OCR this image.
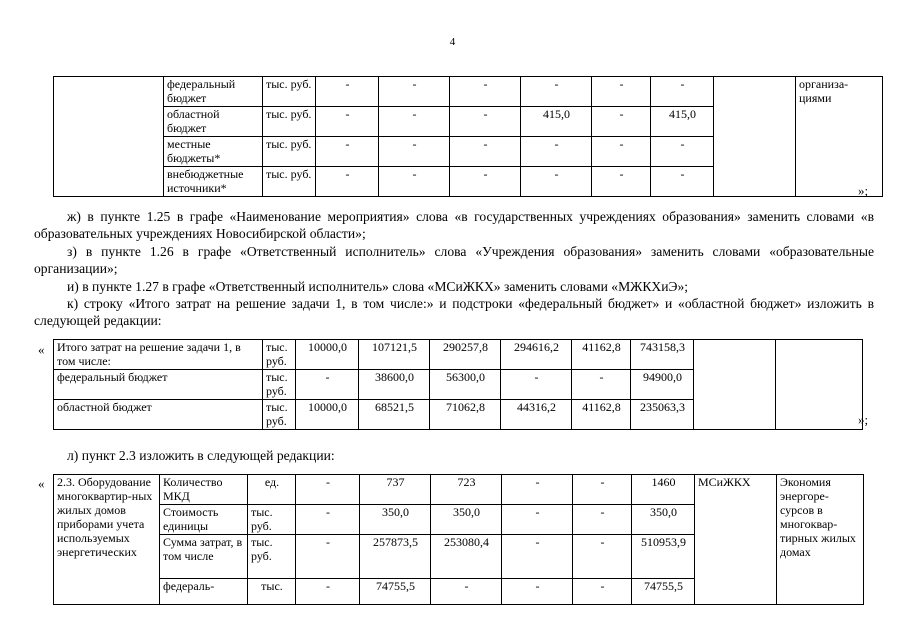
4
	федеральный бюджет	тыс. руб.	-	-	-	-	-	-		организа-циями
	областной бюджет	тыс. руб.	-	-	-	415,0	-	415,0		
	местные бюджеты*	тыс. руб.	-	-	-	-	-	-		
	внебюджетные источники*	тыс. руб.	-	-	-	-	-	-		
»;
ж) в пункте 1.25 в графе «Наименование мероприятия» слова «в государственных учреждениях образования» заменить словами «в образовательных учреждениях Новосибирской области»;
з) в пункте 1.26 в графе «Ответственный исполнитель» слова «Учреждения образования» заменить словами «образовательные организации»;
и) в пункте 1.27 в графе «Ответственный исполнитель» слова «МСиЖКХ» заменить словами «МЖКХиЭ»;
к) строку «Итого затрат на решение задачи 1, в том числе:» и подстроки «федеральный бюджет» и «областной бюджет» изложить в следующей редакции:
« Итого затрат на решение задачи 1, в том числе:	тыс. руб.	10000,0	107121,5	290257,8	294616,2	41162,8	743158,3		
федеральный бюджет	тыс. руб.	-	38600,0	56300,0	-	-	94900,0		
областной бюджет	тыс. руб.	10000,0	68521,5	71062,8	44316,2	41162,8	235063,3		
»;
л) пункт 2.3 изложить в следующей редакции:
« 2.3. Оборудование многоквартир-ных жилых домов приборами учета используемых энергетических	Количество МКД	ед.	-	737	723	-	-	1460	МСиЖКХ	Экономия энергоре-сурсов в многоквар-тирных жилых домах
	Стоимость единицы	тыс. руб.	-	350,0	350,0	-	-	350,0		
	Сумма затрат, в том числе	тыс. руб.	-	257873,5	253080,4	-	-	510953,9		
	федераль-	тыс.	-	74755,5	-	-	-	74755,5		
